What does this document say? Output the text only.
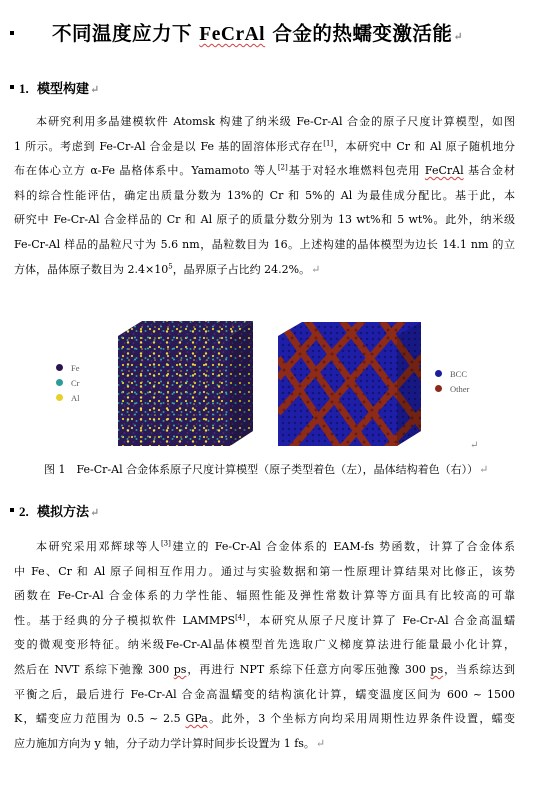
不同温度应力下 FeCrAl 合金的热蠕变激活能↵
1. 模型构建↵
本研究利用多晶建模软件 Atomsk 构建了纳米级 Fe-Cr-Al 合金的原子尺度计算模型，如图
1 所示。考虑到 Fe-Cr-Al 合金是以 Fe 基的固溶体形式存在[1]，本研究中 Cr 和 Al 原子随机地分
布在体心立方 α-Fe 晶格体系中。Yamamoto 等人[2]基于对轻水堆燃料包壳用 FeCrAl 基合金材
料的综合性能评估，确定出质量分数为 13%的 Cr 和 5%的 Al 为最佳成分配比。基于此，本
研究中 Fe-Cr-Al 合金样品的 Cr 和 Al 原子的质量分数分别为 13 wt%和 5 wt%。此外，纳米级
Fe-Cr-Al 样品的晶粒尺寸为 5.6 nm，晶粒数目为 16。上述构建的晶体模型为边长 14.1 nm 的立
方体，晶体原子数目为 2.4×10$^5$，晶界原子占比约 24.2%。↵
Fe
Cr
Al
BCC
Other
↵
图 1　Fe-Cr-Al 合金体系原子尺度计算模型（原子类型着色（左），晶体结构着色（右））↵
2. 模拟方法↵
本研究采用邓辉球等人[3]建立的 Fe-Cr-Al 合金体系的 EAM-fs 势函数，计算了合金体系
中 Fe、Cr 和 Al 原子间相互作用力。通过与实验数据和第一性原理计算结果对比修正，该势
函数在 Fe-Cr-Al 合金体系的力学性能、辐照性能及弹性常数计算等方面具有比较高的可靠
性。基于经典的分子模拟软件 LAMMPS[4]，本研究从原子尺度计算了 Fe-Cr-Al 合金高温蠕
变的微观变形特征。纳米级Fe-Cr-Al晶体模型首先选取广义梯度算法进行能量最小化计算，
然后在 NVT 系综下弛豫 300 ps，再进行 NPT 系综下任意方向零压弛豫 300 ps，当系综达到
平衡之后，最后进行 Fe-Cr-Al 合金高温蠕变的结构演化计算，蠕变温度区间为 600 ~ 1500
K，蠕变应力范围为 0.5 ~ 2.5 GPa。此外，3 个坐标方向均采用周期性边界条件设置，蠕变
应力施加方向为 y 轴，分子动力学计算时间步长设置为 1 fs。↵
